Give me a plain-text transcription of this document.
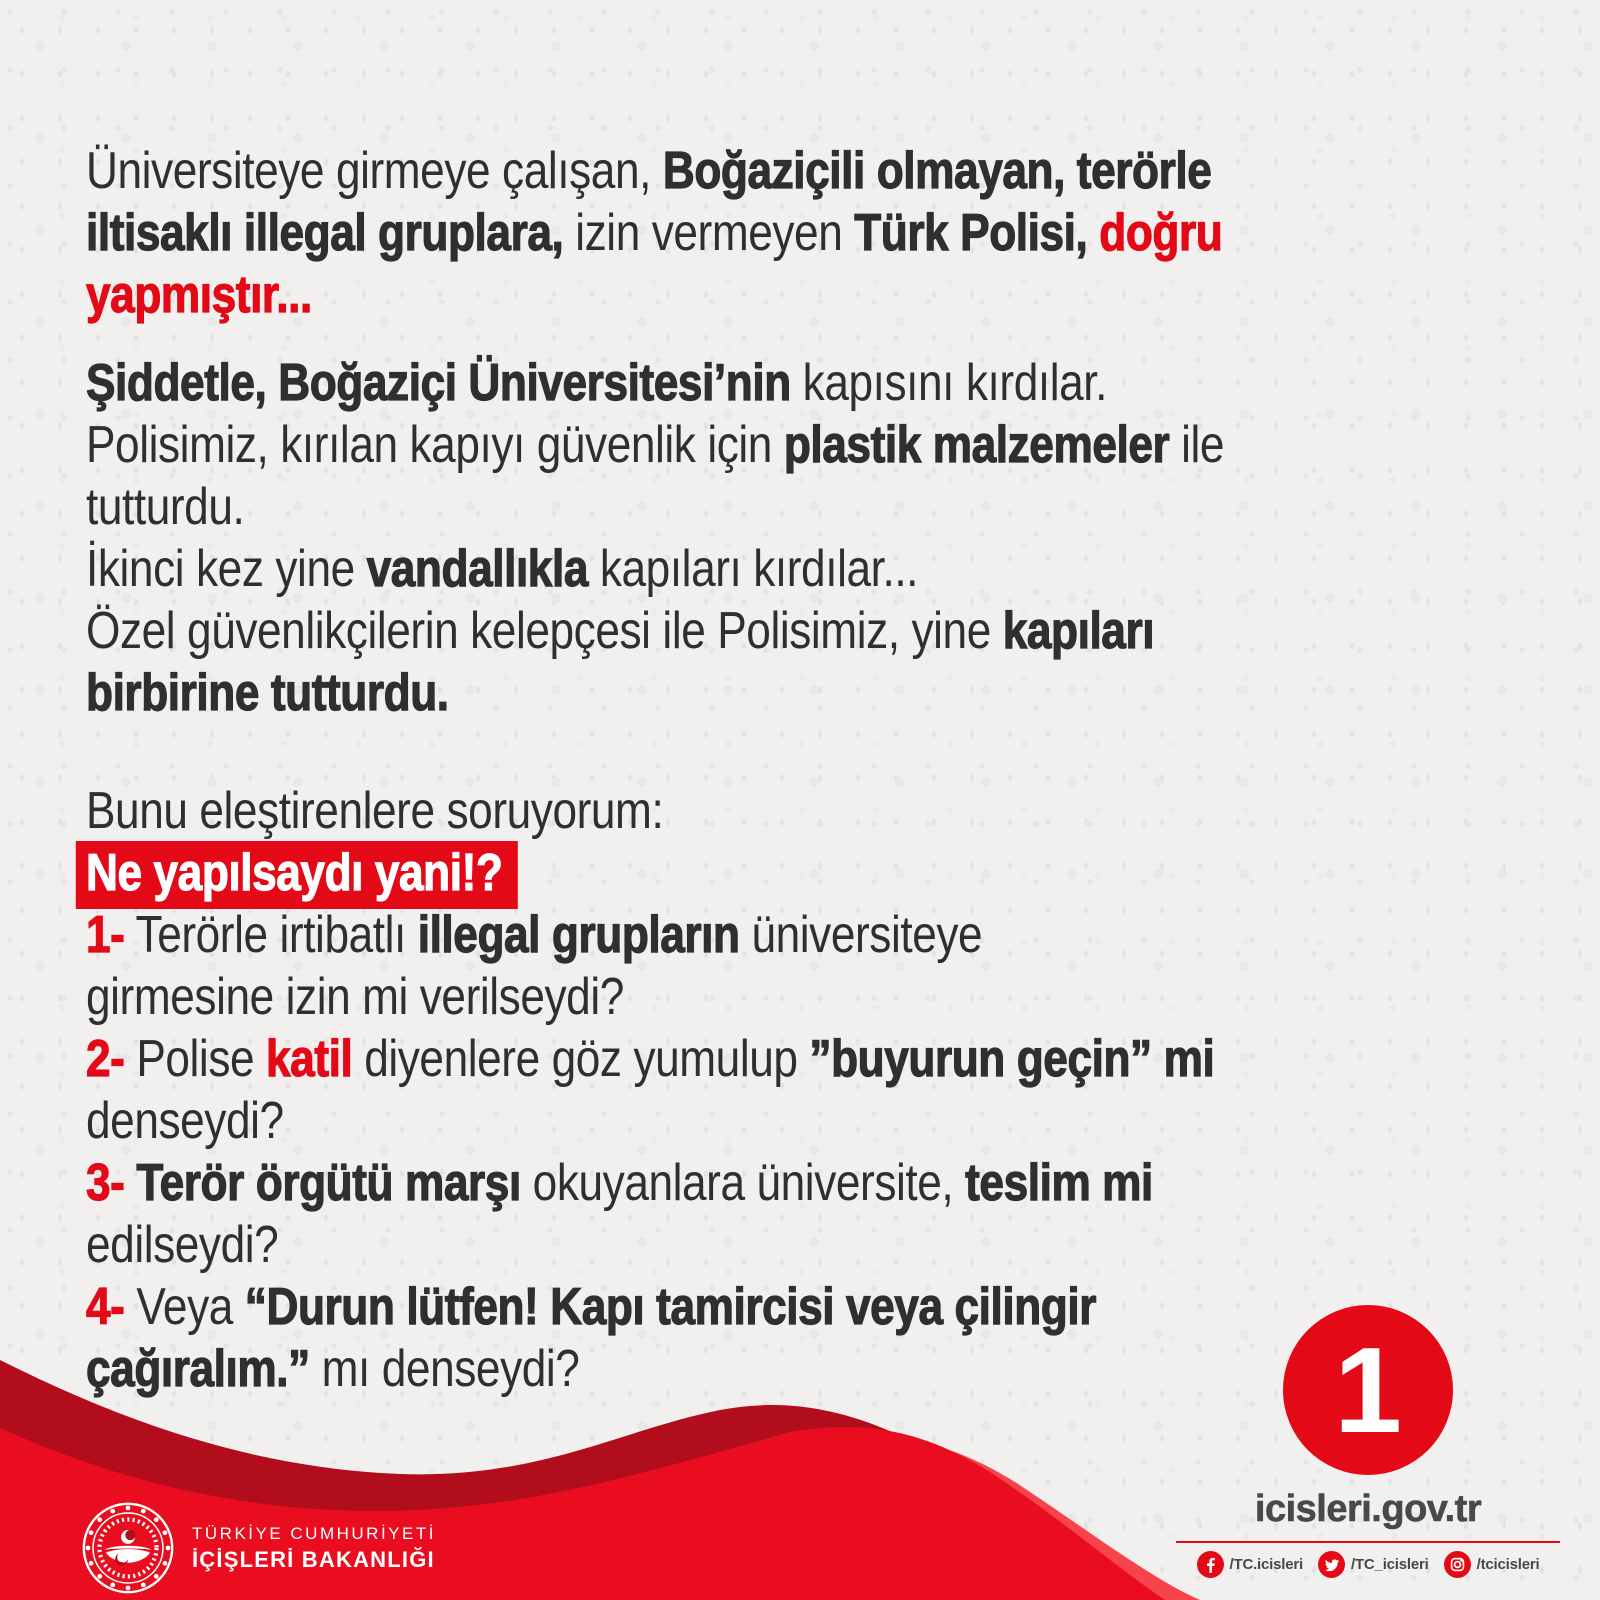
Üniversiteye girmeye çalışan, Boğaziçili olmayan, terörle
iltisaklı illegal gruplara, izin vermeyen Türk Polisi, doğru
yapmıştır...
Şiddetle, Boğaziçi Üniversitesi’nin kapısını kırdılar.
Polisimiz, kırılan kapıyı güvenlik için plastik malzemeler ile
tutturdu.
İkinci kez yine vandallıkla kapıları kırdılar...
Özel güvenlikçilerin kelepçesi ile Polisimiz, yine kapıları
birbirine tutturdu.
Bunu eleştirenlere soruyorum:
Ne yapılsaydı yani!?
1- Terörle irtibatlı illegal grupların üniversiteye
girmesine izin mi verilseydi?
2- Polise katil diyenlere göz yumulup ”buyurun geçin” mi
denseydi?
3- Terör örgütü marşı okuyanlara üniversite, teslim mi
edilseydi?
4- Veya “Durun lütfen! Kapı tamircisi veya çilingir
çağıralım.” mı denseydi?
TÜRKİYE CUMHURİYETİ
İÇİŞLERİ BAKANLIĞI
1
icisleri.gov.tr
/TC.icisleri	/TC_icisleri	/tcicisleri
